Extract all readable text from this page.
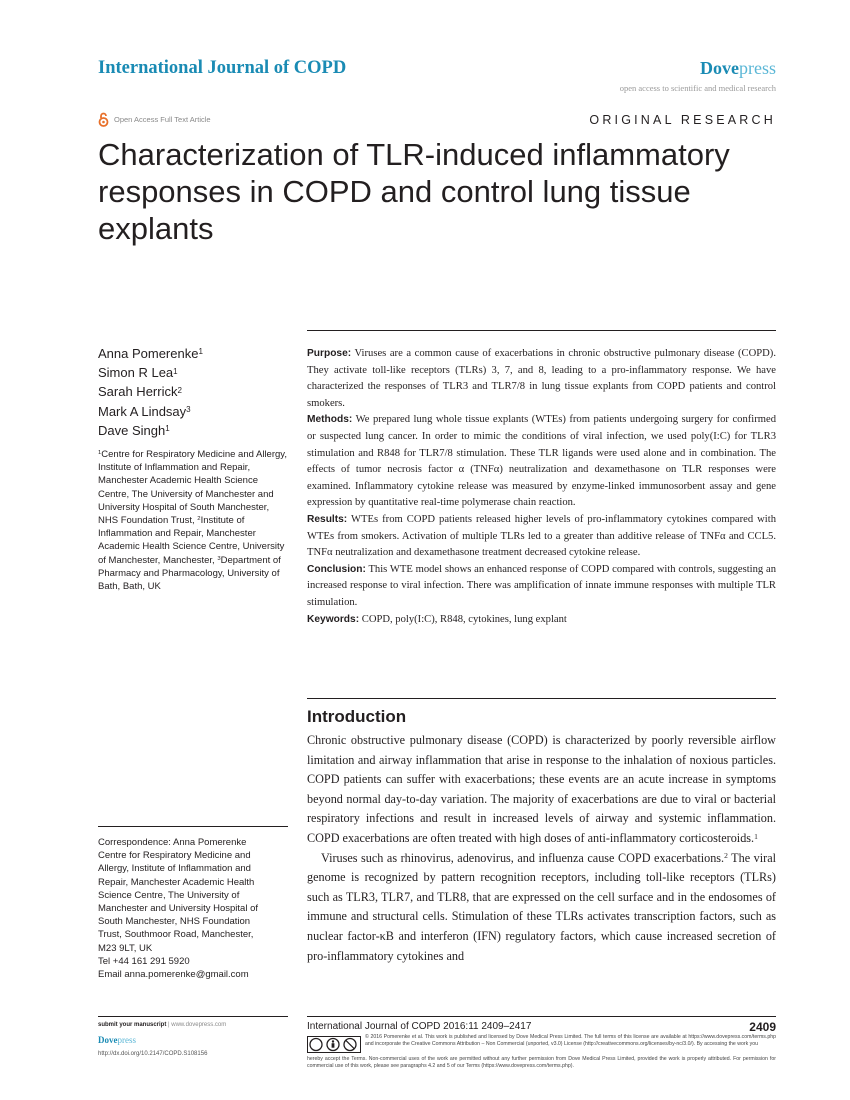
International Journal of COPD	Dovepress
open access to scientific and medical research
Open Access Full Text Article	ORIGINAL RESEARCH
Characterization of TLR-induced inflammatory responses in COPD and control lung tissue explants
Anna Pomerenke$^1$
Simon R Lea$^1$
Sarah Herrick$^2$
Mark A Lindsay$^3$
Dave Singh$^1$
$^1$Centre for Respiratory Medicine and Allergy, Institute of Inflammation and Repair, Manchester Academic Health Science Centre, The University of Manchester and University Hospital of South Manchester, NHS Foundation Trust, $^2$Institute of Inflammation and Repair, Manchester Academic Health Science Centre, University of Manchester, Manchester, $^3$Department of Pharmacy and Pharmacology, University of Bath, Bath, UK
Correspondence: Anna Pomerenke
Centre for Respiratory Medicine and
Allergy, Institute of Inflammation and
Repair, Manchester Academic Health
Science Centre, The University of
Manchester and University Hospital of
South Manchester, NHS Foundation
Trust, Southmoor Road, Manchester,
M23 9LT, UK
Tel +44 161 291 5920
Email anna.pomerenke@gmail.com

Purpose: Viruses are a common cause of exacerbations in chronic obstructive pulmonary disease (COPD). They activate toll-like receptors (TLRs) 3, 7, and 8, leading to a pro-inflammatory response. We have characterized the responses of TLR3 and TLR7/8 in lung tissue explants from COPD patients and control smokers.

Methods: We prepared lung whole tissue explants (WTEs) from patients undergoing surgery for confirmed or suspected lung cancer. In order to mimic the conditions of viral infection, we used poly(I:C) for TLR3 stimulation and R848 for TLR7/8 stimulation. These TLR ligands were used alone and in combination. The effects of tumor necrosis factor α (TNFα) neutralization and dexamethasone on TLR responses were examined. Inflammatory cytokine release was measured by enzyme-linked immunosorbent assay and gene expression by quantitative real-time polymerase chain reaction.

Results: WTEs from COPD patients released higher levels of pro-inflammatory cytokines compared with WTEs from smokers. Activation of multiple TLRs led to a greater than additive release of TNFα and CCL5. TNFα neutralization and dexamethasone treatment decreased cytokine release.

Conclusion: This WTE model shows an enhanced response of COPD compared with controls, suggesting an increased response to viral infection. There was amplification of innate immune responses with multiple TLR stimulation.

Keywords: COPD, poly(I:C), R848, cytokines, lung explant

Introduction

Chronic obstructive pulmonary disease (COPD) is characterized by poorly reversible airflow limitation and airway inflammation that arise in response to the inhalation of noxious particles. COPD patients can suffer with exacerbations; these events are an acute increase in symptoms beyond normal day-to-day variation. The majority of exacerbations are due to viral or bacterial respiratory infections and result in increased levels of airway and systemic inflammation. COPD exacerbations are often treated with high doses of anti-inflammatory corticosteroids.$^1$

Viruses such as rhinovirus, adenovirus, and influenza cause COPD exacerbations.$^2$ The viral genome is recognized by pattern recognition receptors, including toll-like receptors (TLRs) such as TLR3, TLR7, and TLR8, that are expressed on the cell surface and in the endosomes of immune and structural cells. Stimulation of these TLRs activates transcription factors, such as nuclear factor-κB and interferon (IFN) regulatory factors, which cause increased secretion of pro-inflammatory cytokines and

submit your manuscript | www.dovepress.com
Dovepress
http://dx.doi.org/10.2147/COPD.S108156
International Journal of COPD 2016:11 2409–2417	2409
© 2016 Pomerenke et al. This work is published and licensed by Dove Medical Press Limited. The full terms of this license are available at https://www.dovepress.com/terms.php and incorporate the Creative Commons Attribution – Non Commercial (unported, v3.0) License (http://creativecommons.org/licenses/by-nc/3.0/). By accessing the work you
hereby accept the Terms. Non-commercial uses of the work are permitted without any further permission from Dove Medical Press Limited, provided the work is properly attributed. For permission for commercial use of this work, please see paragraphs 4.2 and 5 of our Terms (https://www.dovepress.com/terms.php).
